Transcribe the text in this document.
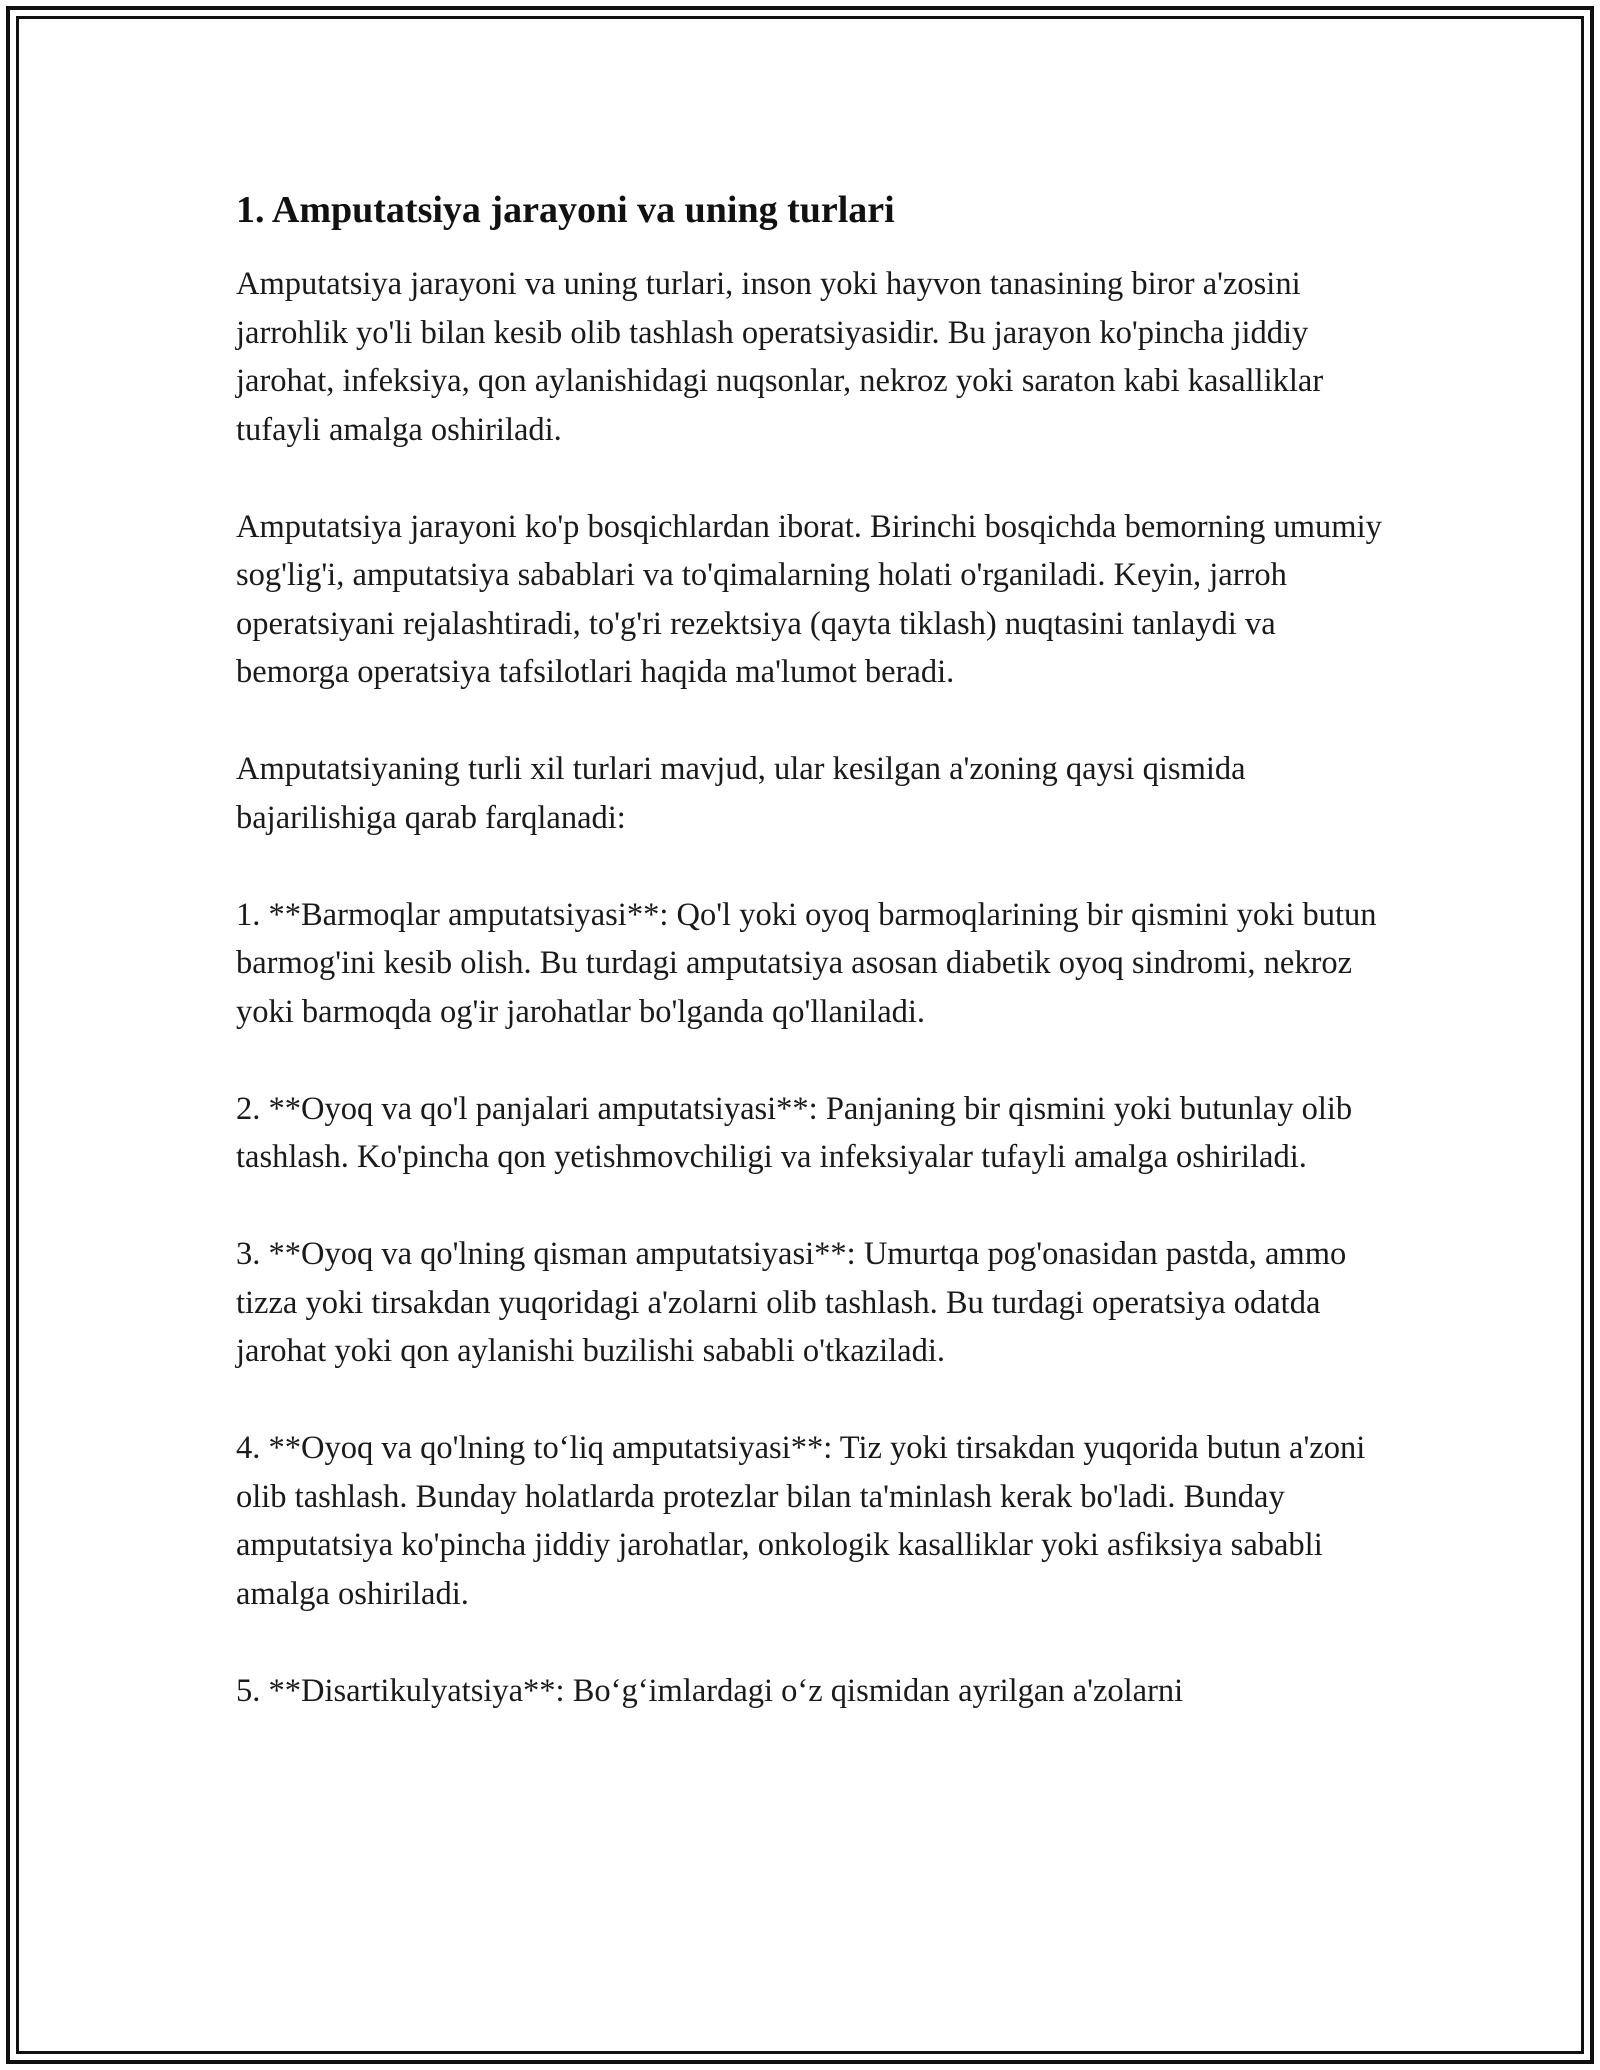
1. Amputatsiya jarayoni va uning turlari

Amputatsiya jarayoni va uning turlari, inson yoki hayvon tanasining biror a'zosini jarrohlik yo'li bilan kesib olib tashlash operatsiyasidir. Bu jarayon ko'pincha jiddiy jarohat, infeksiya, qon aylanishidagi nuqsonlar, nekroz yoki saraton kabi kasalliklar tufayli amalga oshiriladi.

Amputatsiya jarayoni ko'p bosqichlardan iborat. Birinchi bosqichda bemorning umumiy sog'lig'i, amputatsiya sabablari va to'qimalarning holati o'rganiladi. Keyin, jarroh operatsiyani rejalashtiradi, to'g'ri rezektsiya (qayta tiklash) nuqtasini tanlaydi va bemorga operatsiya tafsilotlari haqida ma'lumot beradi.

Amputatsiyaning turli xil turlari mavjud, ular kesilgan a'zoning qaysi qismida bajarilishiga qarab farqlanadi:

1. **Barmoqlar amputatsiyasi**: Qo'l yoki oyoq barmoqlarining bir qismini yoki butun barmog'ini kesib olish. Bu turdagi amputatsiya asosan diabetik oyoq sindromi, nekroz yoki barmoqda og'ir jarohatlar bo'lganda qo'llaniladi.

2. **Oyoq va qo'l panjalari amputatsiyasi**: Panjaning bir qismini yoki butunlay olib tashlash. Ko'pincha qon yetishmovchiligi va infeksiyalar tufayli amalga oshiriladi.

3. **Oyoq va qo'lning qisman amputatsiyasi**: Umurtqa pog'onasidan pastda, ammo tizza yoki tirsakdan yuqoridagi a'zolarni olib tashlash. Bu turdagi operatsiya odatda jarohat yoki qon aylanishi buzilishi sababli o'tkaziladi.

4. **Oyoq va qo'lning to‘liq amputatsiyasi**: Tiz yoki tirsakdan yuqorida butun a'zoni olib tashlash. Bunday holatlarda protezlar bilan ta'minlash kerak bo'ladi. Bunday amputatsiya ko'pincha jiddiy jarohatlar, onkologik kasalliklar yoki asfiksiya sababli amalga oshiriladi.

5. **Disartikulyatsiya**: Bo‘g‘imlardagi o‘z qismidan ayrilgan a'zolarni
